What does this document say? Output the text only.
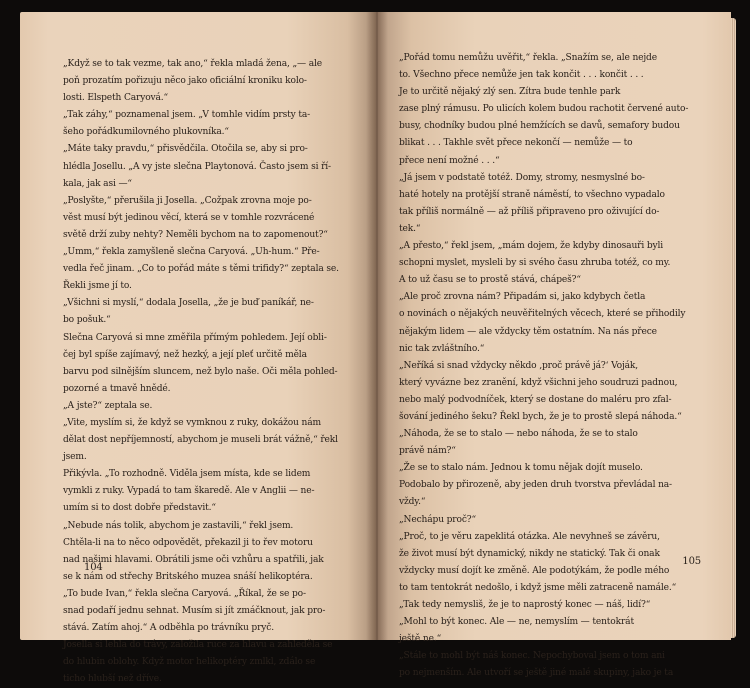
„Když se to tak vezme, tak ano,“ řekla mladá žena, „— ale
poň prozatím pořizuju něco jako oficiální kroniku kolo-
losti. Elspeth Caryová.“

„Tak záhy,“ poznamenal jsem. „V tomhle vidím prsty ta-
šeho pořádkumilovného plukovníka.“

„Máte taky pravdu,“ přisvědčila. Otočila se, aby si pro-
hlédla Josellu. „A vy jste slečna Playtonová. Často jsem si ří-
kala, jak asi —“

„Poslyšte,“ přerušila ji Josella. „Cožpak zrovna moje po-
věst musí být jedinou věcí, která se v tomhle rozvrácené
světě drží zuby nehty? Neměli bychom na to zapomenout?“

„Umm,“ řekla zamyšleně slečna Caryová. „Uh-hum.“ Pře-
vedla řeč jinam. „Co to pořád máte s těmi trifidy?“ zeptala se.

Řekli jsme jí to.

„Všichni si myslí,“ dodala Josella, „že je buď paníkář, ne-
bo pošuk.“

Slečna Caryová si mne změřila přímým pohledem. Její obli-
čej byl spíše zajímavý, než hezký, a její pleť určitě měla
barvu pod silnějším sluncem, než bylo naše. Oči měla pohled-
pozorné a tmavě hnědé.

„A jste?“ zeptala se.

„Vite, myslím si, že když se vymknou z ruky, dokážou nám
dělat dost nepříjemností, abychom je museli brát vážně,“ řekl
jsem.

Přikývla. „To rozhodně. Viděla jsem místa, kde se lidem
vymkli z ruky. Vypadá to tam škaredě. Ale v Anglii — ne-
umím si to dost dobře představit.“

„Nebude nás tolik, abychom je zastavili,“ řekl jsem.

Chtěla-li na to něco odpovědět, překazil ji to řev motoru
nad našimi hlavami. Obrátili jsme oči vzhůru a spatřili, jak
se k nám od střechy Britského muzea snáší helikoptéra.

„To bude Ivan,“ řekla slečna Caryová. „Říkal, že se po-
snad podaří jednu sehnat. Musím si jít zmáčknout, jak pro-
stává. Zatím ahoj.“ A odběhla po trávníku pryč.

Josella si lehla do trávy, založila ruce za hlavu a zahleděla se
do hlubin oblohy. Když motor helikoptéry zmlkl, zdálo se
ticho hlubší než dříve.

104

„Pořád tomu nemůžu uvěřit,“ řekla. „Snažím se, ale nejde
to. Všechno přece nemůže jen tak končit . . . končit . . .
Je to určitě nějaký zlý sen. Zítra bude tenhle park
zase plný rámusu. Po ulicích kolem budou rachotit červené auto-
busy, chodníky budou plné hemžících se davů, semafory budou
blikat . . . Takhle svět přece nekončí — nemůže — to
přece není možné . . .“

„Já jsem v podstatě totéž. Domy, stromy, nesmyslné bo-
haté hotely na protější straně náměstí, to všechno vypadalo
tak příliš normálně — až příliš připraveno pro oživující do-
tek.“

„A přesto,“ řekl jsem, „mám dojem, že kdyby dinosauři byli
schopni myslet, mysleli by si svého času zhruba totéž, co my.
A to už času se to prostě stává, chápeš?“

„Ale proč zrovna nám? Připadám si, jako kdybych četla
o novinách o nějakých neuvěřitelných věcech, které se přihodily
nějakým lidem — ale vždycky těm ostatním. Na nás přece
nic tak zvláštního.“

„Neříká si snad vždycky někdo ‚proč právě já?‘ Voják,
který vyvázne bez zranění, když všichni jeho soudruzi padnou,
nebo malý podvodníček, který se dostane do maléru pro zfal-
šování jediného šeku? Řekl bych, že je to prostě slepá náhoda.“

„Náhoda, že se to stalo — nebo náhoda, že se to stalo
právě nám?“

„Že se to stalo nám. Jednou k tomu nějak dojít muselo.
Podobalo by přirozeně, aby jeden druh tvorstva převládal na-
vždy.“

„Nechápu proč?“

„Proč, to je věru zapeklitá otázka. Ale nevyhneš se závěru,
že život musí být dynamický, nikdy ne statický. Tak či onak
vždycky musí dojít ke změně. Ale podotýkám, že podle mého
to tam tentokrát nedošlo, i když jsme měli zatraceně namále.“

„Tak tedy nemysliš, že je to naprostý konec — náš, lidí?“

„Mohl to být konec. Ale — ne, nemyslím — tentokrát
ještě ne.“

„Stále to mohl být náš konec. Nepochyboval jsem o tom ani
po nejmenším. Ale utvoří se ještě jiné malé skupiny, jako je ta

105
